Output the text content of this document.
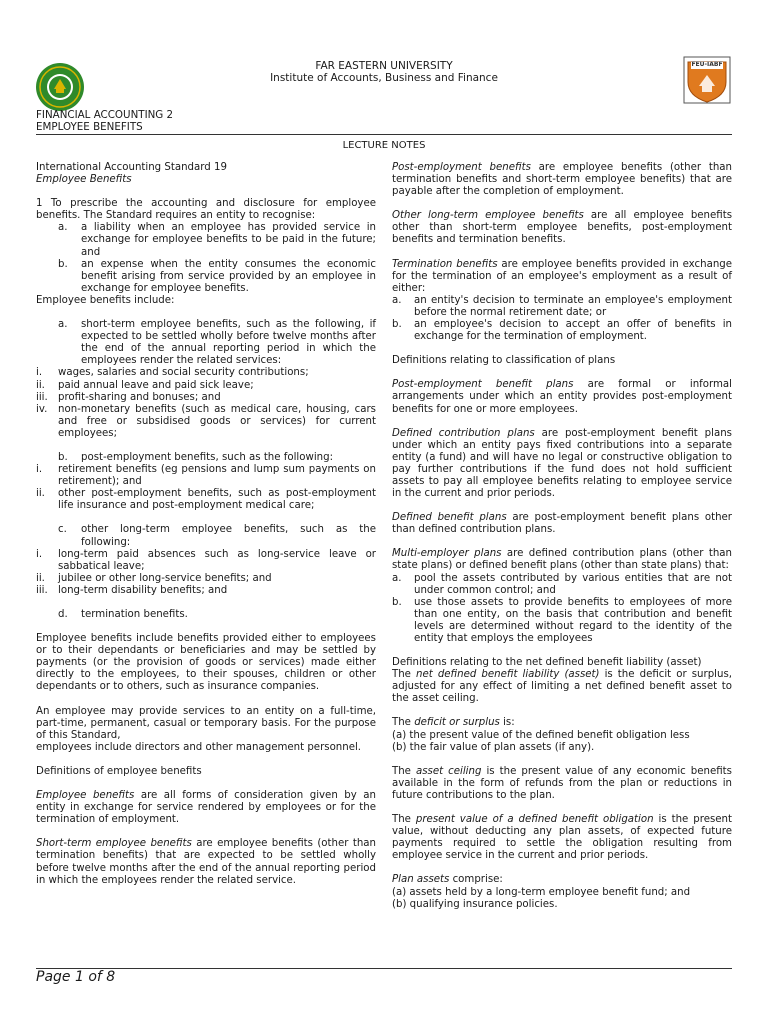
FEU-IABF
FAR EASTERN UNIVERSITY
Institute of Accounts, Business and Finance
FINANCIAL ACCOUNTING 2
EMPLOYEE BENEFITS
LECTURE NOTES

International Accounting Standard 19

Employee Benefits

1 To prescribe the accounting and disclosure for employee benefits. The Standard requires an entity to recognise:

a.	a liability when an employee has provided service in exchange for employee benefits to be paid in the future; and
b.	an expense when the entity consumes the economic benefit arising from service provided by an employee in exchange for employee benefits.

Employee benefits include:

a.	short-term employee benefits, such as the following, if expected to be settled wholly before twelve months after the end of the annual reporting period in which the employees render the related services:
i.	wages, salaries and social security contributions;
ii.	paid annual leave and paid sick leave;
iii.	profit-sharing and bonuses; and
iv.	non-monetary benefits (such as medical care, housing, cars and free or subsidised goods or services) for current employees;
b.	post-employment benefits, such as the following:
i.	retirement benefits (eg pensions and lump sum payments on retirement); and
ii.	other post-employment benefits, such as post-employment life insurance and post-employment medical care;
c.	other long-term employee benefits, such as the following:
i.	long-term paid absences such as long-service leave or sabbatical leave;
ii.	jubilee or other long-service benefits; and
iii.	long-term disability benefits; and
d.	termination benefits.

Employee benefits include benefits provided either to employees or to their dependants or beneficiaries and may be settled by payments (or the provision of goods or services) made either directly to the employees, to their spouses, children or other dependants or to others, such as insurance companies.

An employee may provide services to an entity on a full-time, part-time, permanent, casual or temporary basis. For the purpose of this Standard,

employees include directors and other management personnel.

Definitions of employee benefits

Employee benefits are all forms of consideration given by an entity in exchange for service rendered by employees or for the termination of employment.

Short-term employee benefits are employee benefits (other than termination benefits) that are expected to be settled wholly before twelve months after the end of the annual reporting period in which the employees render the related service.

Post-employment benefits are employee benefits (other than termination benefits and short-term employee benefits) that are payable after the completion of employment.

Other long-term employee benefits are all employee benefits other than short-term employee benefits, post-employment benefits and termination benefits.

Termination benefits are employee benefits provided in exchange for the termination of an employee's employment as a result of either:

a.	an entity's decision to terminate an employee's employment before the normal retirement date; or
b.	an employee's decision to accept an offer of benefits in exchange for the termination of employment.

Definitions relating to classification of plans

Post-employment benefit plans are formal or informal arrangements under which an entity provides post-employment benefits for one or more employees.

Defined contribution plans are post-employment benefit plans under which an entity pays fixed contributions into a separate entity (a fund) and will have no legal or constructive obligation to pay further contributions if the fund does not hold sufficient assets to pay all employee benefits relating to employee service in the current and prior periods.

Defined benefit plans are post-employment benefit plans other than defined contribution plans.

Multi-employer plans are defined contribution plans (other than state plans) or defined benefit plans (other than state plans) that:

a.	pool the assets contributed by various entities that are not under common control; and
b.	use those assets to provide benefits to employees of more than one entity, on the basis that contribution and benefit levels are determined without regard to the identity of the entity that employs the employees

Definitions relating to the net defined benefit liability (asset)

The net defined benefit liability (asset) is the deficit or surplus, adjusted for any effect of limiting a net defined benefit asset to the asset ceiling.

The deficit or surplus is:

(a) the present value of the defined benefit obligation less

(b) the fair value of plan assets (if any).

The asset ceiling is the present value of any economic benefits available in the form of refunds from the plan or reductions in future contributions to the plan.

The present value of a defined benefit obligation is the present value, without deducting any plan assets, of expected future payments required to settle the obligation resulting from employee service in the current and prior periods.

Plan assets comprise:

(a) assets held by a long-term employee benefit fund; and

(b) qualifying insurance policies.

Page 1 of 8
